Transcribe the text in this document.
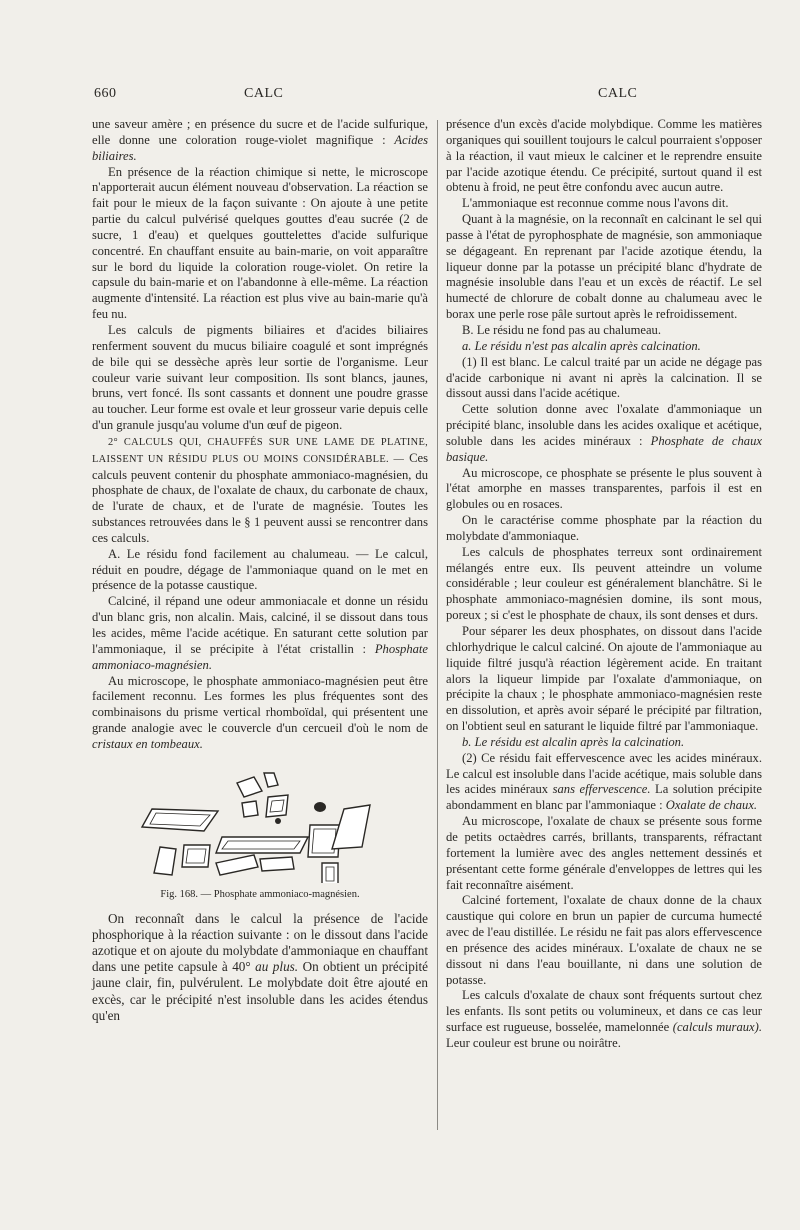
660	CALC	CALC

une saveur amère ; en présence du sucre et de l'acide sulfurique, elle donne une coloration rouge-violet magnifique : Acides biliaires.

En présence de la réaction chimique si nette, le microscope n'apporterait aucun élément nouveau d'observation. La réaction se fait pour le mieux de la façon suivante : On ajoute à une petite partie du calcul pulvérisé quelques gouttes d'eau sucrée (2 de sucre, 1 d'eau) et quelques gouttelettes d'acide sulfurique concentré. En chauffant ensuite au bain-marie, on voit apparaître sur le bord du liquide la coloration rouge-violet. On retire la capsule du bain-marie et on l'abandonne à elle-même. La réaction augmente d'intensité. La réaction est plus vive au bain-marie qu'à feu nu.

Les calculs de pigments biliaires et d'acides biliaires renferment souvent du mucus biliaire coagulé et sont imprégnés de bile qui se dessèche après leur sortie de l'organisme. Leur couleur varie suivant leur composition. Ils sont blancs, jaunes, bruns, vert foncé. Ils sont cassants et donnent une poudre grasse au toucher. Leur forme est ovale et leur grosseur varie depuis celle d'un granule jusqu'au volume d'un œuf de pigeon.

2° CALCULS QUI, CHAUFFÉS SUR UNE LAME DE PLATINE, LAISSENT UN RÉSIDU PLUS OU MOINS CONSIDÉRABLE. — Ces calculs peuvent contenir du phosphate ammoniaco-magnésien, du phosphate de chaux, de l'oxalate de chaux, du carbonate de chaux, de l'urate de chaux, et de l'urate de magnésie. Toutes les substances retrouvées dans le § 1 peuvent aussi se rencontrer dans ces calculs.

A. Le résidu fond facilement au chalumeau. — Le calcul, réduit en poudre, dégage de l'ammoniaque quand on le met en présence de la potasse caustique.

Calciné, il répand une odeur ammoniacale et donne un résidu d'un blanc gris, non alcalin. Mais, calciné, il se dissout dans tous les acides, même l'acide acétique. En saturant cette solution par l'ammoniaque, il se précipite à l'état cristallin : Phosphate ammoniaco-magnésien.

Au microscope, le phosphate ammoniaco-magnésien peut être facilement reconnu. Les formes les plus fréquentes sont des combinaisons du prisme vertical rhomboïdal, qui présentent une grande analogie avec le couvercle d'un cercueil d'où le nom de cristaux en tombeaux.

Fig. 168. — Phosphate ammoniaco-magnésien.

On reconnaît dans le calcul la présence de l'acide phosphorique à la réaction suivante : on le dissout dans l'acide azotique et on ajoute du molybdate d'ammoniaque en chauffant dans une petite capsule à 40° au plus. On obtient un précipité jaune clair, fin, pulvérulent. Le molybdate doit être ajouté en excès, car le précipité n'est insoluble dans les acides étendus qu'en

présence d'un excès d'acide molybdique. Comme les matières organiques qui souillent toujours le calcul pourraient s'opposer à la réaction, il vaut mieux le calciner et le reprendre ensuite par l'acide azotique étendu. Ce précipité, surtout quand il est obtenu à froid, ne peut être confondu avec aucun autre.

L'ammoniaque est reconnue comme nous l'avons dit.

Quant à la magnésie, on la reconnaît en calcinant le sel qui passe à l'état de pyrophosphate de magnésie, son ammoniaque se dégageant. En reprenant par l'acide azotique étendu, la liqueur donne par la potasse un précipité blanc d'hydrate de magnésie insoluble dans l'eau et un excès de réactif. Le sel humecté de chlorure de cobalt donne au chalumeau avec le borax une perle rose pâle surtout après le refroidissement.

B. Le résidu ne fond pas au chalumeau.

a. Le résidu n'est pas alcalin après calcination.

(1) Il est blanc. Le calcul traité par un acide ne dégage pas d'acide carbonique ni avant ni après la calcination. Il se dissout aussi dans l'acide acétique.

Cette solution donne avec l'oxalate d'ammoniaque un précipité blanc, insoluble dans les acides oxalique et acétique, soluble dans les acides minéraux : Phosphate de chaux basique.

Au microscope, ce phosphate se présente le plus souvent à l'état amorphe en masses transparentes, parfois il est en globules ou en rosaces.

On le caractérise comme phosphate par la réaction du molybdate d'ammoniaque.

Les calculs de phosphates terreux sont ordinairement mélangés entre eux. Ils peuvent atteindre un volume considérable ; leur couleur est généralement blanchâtre. Si le phosphate ammoniaco-magnésien domine, ils sont mous, poreux ; si c'est le phosphate de chaux, ils sont denses et durs.

Pour séparer les deux phosphates, on dissout dans l'acide chlorhydrique le calcul calciné. On ajoute de l'ammoniaque au liquide filtré jusqu'à réaction légèrement acide. En traitant alors la liqueur limpide par l'oxalate d'ammoniaque, on précipite la chaux ; le phosphate ammoniaco-magnésien reste en dissolution, et après avoir séparé le précipité par filtration, on l'obtient seul en saturant le liquide filtré par l'ammoniaque.

b. Le résidu est alcalin après la calcination.

(2) Ce résidu fait effervescence avec les acides minéraux. Le calcul est insoluble dans l'acide acétique, mais soluble dans les acides minéraux sans effervescence. La solution précipite abondamment en blanc par l'ammoniaque : Oxalate de chaux.

Au microscope, l'oxalate de chaux se présente sous forme de petits octaèdres carrés, brillants, transparents, réfractant fortement la lumière avec des angles nettement dessinés et présentant cette forme générale d'enveloppes de lettres qui les fait reconnaître aisément.

Calciné fortement, l'oxalate de chaux donne de la chaux caustique qui colore en brun un papier de curcuma humecté avec de l'eau distillée. Le résidu ne fait pas alors effervescence en présence des acides minéraux. L'oxalate de chaux ne se dissout ni dans l'eau bouillante, ni dans une solution de potasse.

Les calculs d'oxalate de chaux sont fréquents surtout chez les enfants. Ils sont petits ou volumineux, et dans ce cas leur surface est rugueuse, bosselée, mamelonnée (calculs muraux). Leur couleur est brune ou noirâtre.
